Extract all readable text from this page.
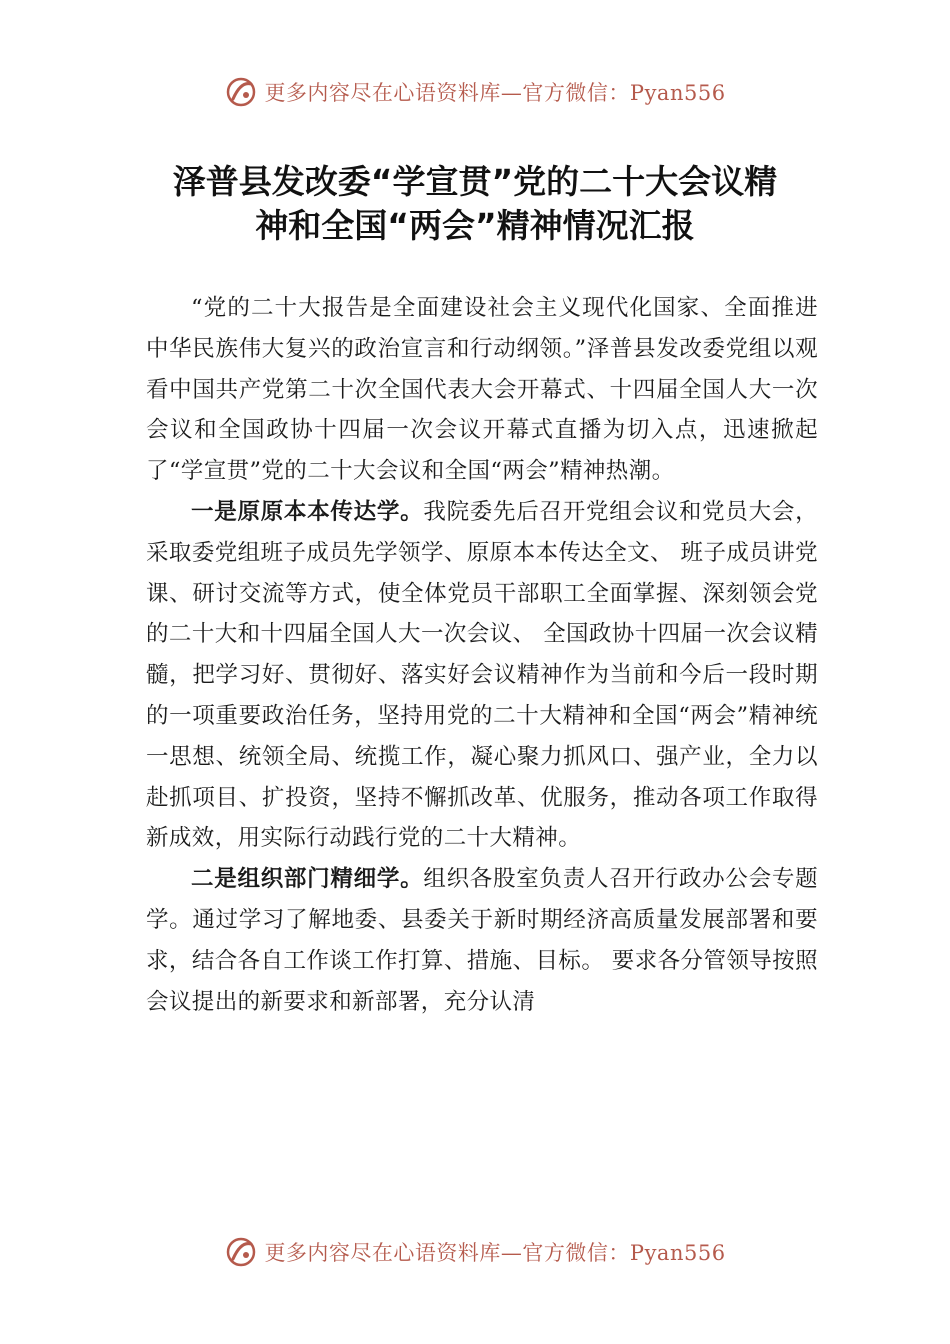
更多内容尽在心语资料库—官方微信：Pyan556
泽普县发改委“学宣贯”党的二十大会议精
神和全国“两会”精神情况汇报

“党的二十大报告是全面建设社会主义现代化国家、全面推进中华民族伟大复兴的政治宣言和行动纲领。”泽普县发改委党组以观看中国共产党第二十次全国代表大会开幕式、十四届全国人大一次会议和全国政协十四届一次会议开幕式直播为切入点，迅速掀起了“学宣贯”党的二十大会议和全国“两会”精神热潮。

一是原原本本传达学。我院委先后召开党组会议和党员大会，采取委党组班子成员先学领学、原原本本传达全文、 班子成员讲党课、研讨交流等方式，使全体党员干部职工全面掌握、深刻领会党的二十大和十四届全国人大一次会议、 全国政协十四届一次会议精髓，把学习好、贯彻好、落实好会议精神作为当前和今后一段时期的一项重要政治任务，坚持用党的二十大精神和全国“两会”精神统一思想、统领全局、统揽工作，凝心聚力抓风口、强产业，全力以赴抓项目、扩投资，坚持不懈抓改革、优服务，推动各项工作取得新成效，用实际行动践行党的二十大精神。

二是组织部门精细学。组织各股室负责人召开行政办公会专题学。通过学习了解地委、县委关于新时期经济高质量发展部署和要求，结合各自工作谈工作打算、措施、目标。 要求各分管领导按照会议提出的新要求和新部署，充分认清

更多内容尽在心语资料库—官方微信：Pyan556
